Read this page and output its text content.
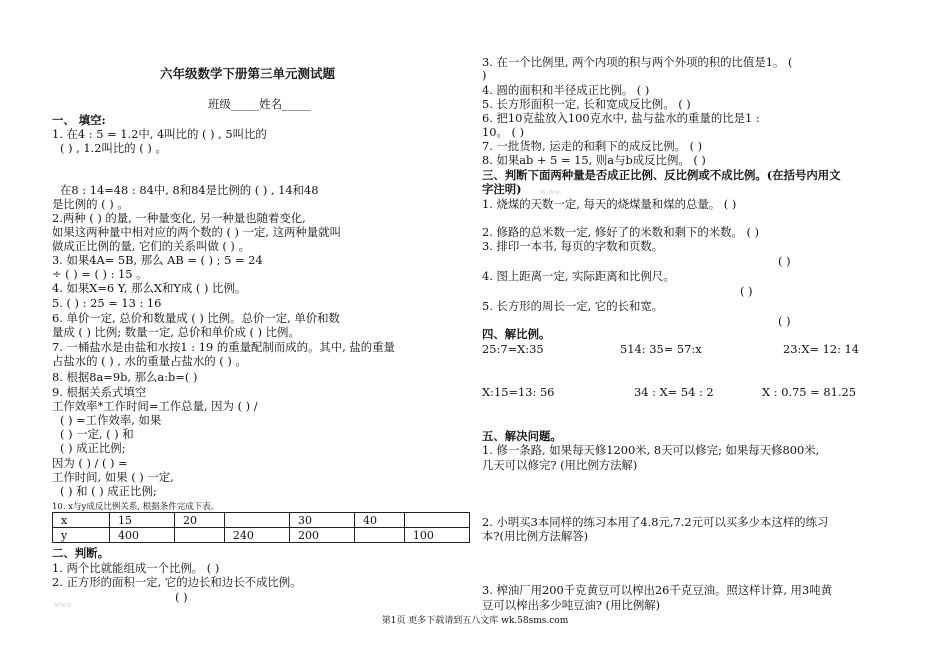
六年级数学下册第三单元测试题
班级_____姓名_____
一、 填空:
1. 在4 : 5 = 1.2中, 4叫比的 ( ) , 5叫比的
( ) , 1.2叫比的 ( ) 。
在8 : 14=48 : 84中, 8和84是比例的 ( ) , 14和48
是比例的 ( ) 。
2.两种 ( ) 的量, 一种量变化, 另一种量也随着变化,
如果这两种量中相对应的两个数的 ( ) 一定, 这两种量就叫
做成正比例的量, 它们的关系叫做 ( ) 。
3. 如果4A= 5B, 那么 AB = ( ) ; 5 = 24
÷ ( ) = ( ) : 15 。
4. 如果X=6 Y, 那么X和Y成 ( ) 比例。
5. ( ) : 25 = 13 : 16
6. 单价一定, 总价和数量成 ( ) 比例。总价一定, 单价和数
量成 ( ) 比例; 数量一定, 总价和单价成 ( ) 比例。
7. 一桶盐水是由盐和水按1 : 19 的重量配制而成的。其中, 盐的重量
占盐水的 ( ) , 水的重量占盐水的 ( ) 。
8. 根据8a=9b, 那么a:b=( )
9. 根据关系式填空
工作效率*工作时间=工作总量, 因为 ( ) /
( ) =工作效率, 如果
( ) 一定, ( ) 和
( ) 成正比例;
因为 ( ) / ( ) =
工作时间, 如果 ( ) 一定,
( ) 和 ( ) 成正比例;
10. x与y成反比例关系, 根据条件完成下表。
x	15	20		30	40	
y	400		240	200		100
二、判断。
1. 两个比就能组成一个比例。 ( )
2. 正方形的面积一定, 它的边长和边长不成比例。
( )
www.
3. 在一个比例里, 两个内项的积与两个外项的积的比值是1。 (
)
4. 圆的面积和半径成正比例。 ( )
5. 长方形面积一定, 长和宽成反比例。 ( )
6. 把10克盐放入100克水中, 盐与盐水的重量的比是1 :
10。 ( )
7. 一批货物, 运走的和剩下的成反比例。 ( )
8. 如果ab + 5 = 15, 则a与b成反比例。 ( )
三、判断下面两种量是否成正比例、反比例或不成比例。(在括号内用文
字注明)	w ww.
1. 烧煤的天数一定, 每天的烧煤量和煤的总量。 ( )
2. 修路的总米数一定, 修好了的米数和剩下的米数。 ( )
3. 排印一本书, 每页的字数和页数。
( )
4. 图上距离一定, 实际距离和比例尺。
( )
5. 长方形的周长一定, 它的长和宽。
( )
四、解比例。
25:7=X:35	514: 35= 57:x	23:X= 12: 14
X:15=13: 56	34 : X= 54 : 2	X : 0.75 = 81.25
五、解决问题。
1. 修一条路, 如果每天修1200米, 8天可以修完; 如果每天修800米,
几天可以修完? (用比例方法解)
2. 小明买3本同样的练习本用了4.8元,7.2元可以买多少本这样的练习
本?(用比例方法解答)
3. 榨油厂用200千克黄豆可以榨出26千克豆油。照这样计算, 用3吨黄
豆可以榨出多少吨豆油? (用比例解)
第1页 更多下载请到五八文库 wk.58sms.com
